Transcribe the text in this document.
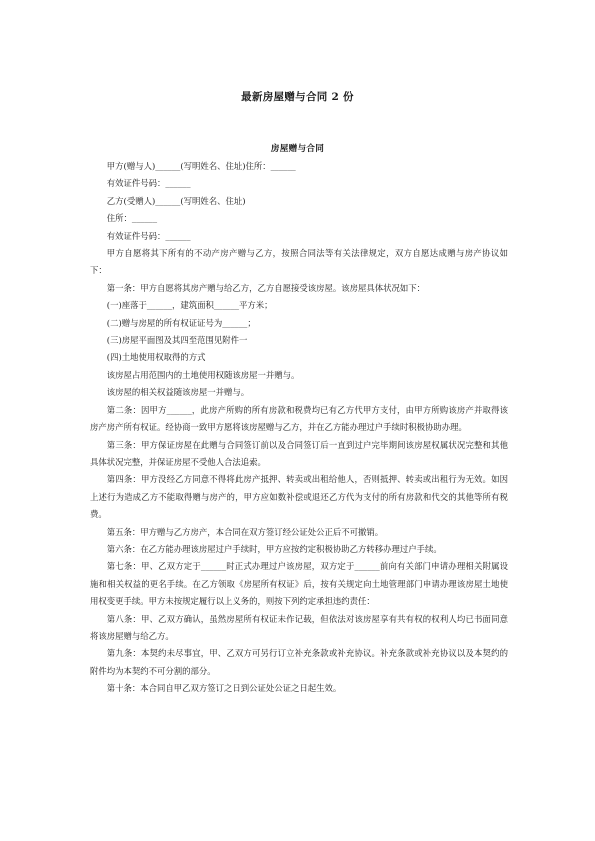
最新房屋赠与合同 2 份
房屋赠与合同

甲方(赠与人)______(写明姓名、住址)住所：______

有效证件号码：______

乙方(受赠人)______(写明姓名、住址)

住所：______

有效证件号码：______

甲方自愿将其下所有的不动产房产赠与乙方，按照合同法等有关法律规定，双方自愿达成赠与房产协议如下：

第一条：甲方自愿将其房产赠与给乙方，乙方自愿接受该房屋。该房屋具体状况如下：

(一)座落于______，建筑面积______平方米；

(二)赠与房屋的所有权证证号为______；

(三)房屋平面图及其四至范围见附件一

(四)土地使用权取得的方式

该房屋占用范围内的土地使用权随该房屋一并赠与。

该房屋的相关权益随该房屋一并赠与。

第二条：因甲方______，此房产所购的所有房款和税费均已有乙方代甲方支付，由甲方所购该房产并取得该房产房产所有权证。经协商一致甲方愿将该房屋赠与乙方，并在乙方能办理过户手续时积极协助办理。

第三条：甲方保证房屋在此赠与合同签订前以及合同签订后一直到过户完毕期间该房屋权属状况完整和其他具体状况完整，并保证房屋不受他人合法追索。

第四条：甲方没经乙方同意不得将此房产抵押、转卖或出租给他人，否则抵押、转卖或出租行为无效。如因上述行为造成乙方不能取得赠与房产的，甲方应如数补偿或退还乙方代为支付的所有房款和代交的其他等所有税费。

第五条：甲方赠与乙方房产，本合同在双方签订经公证处公正后不可撤销。

第六条：在乙方能办理该房屋过户手续时，甲方应按约定积极协助乙方转移办理过户手续。

第七条：甲、乙双方定于______时正式办理过户该房屋，双方定于______前向有关部门申请办理相关附属设施和相关权益的更名手续。在乙方领取《房屋所有权证》后，按有关规定向土地管理部门申请办理该房屋土地使用权变更手续。甲方未按规定履行以上义务的，则按下列约定承担违约责任：

第八条：甲、乙双方确认，虽然房屋所有权证未作记载，但依法对该房屋享有共有权的权利人均已书面同意将该房屋赠与给乙方。

第九条：本契约未尽事宜，甲、乙双方可另行订立补充条款或补充协议。补充条款或补充协议以及本契约的附件均为本契约不可分割的部分。

第十条：本合同自甲乙双方签订之日到公证处公证之日起生效。
